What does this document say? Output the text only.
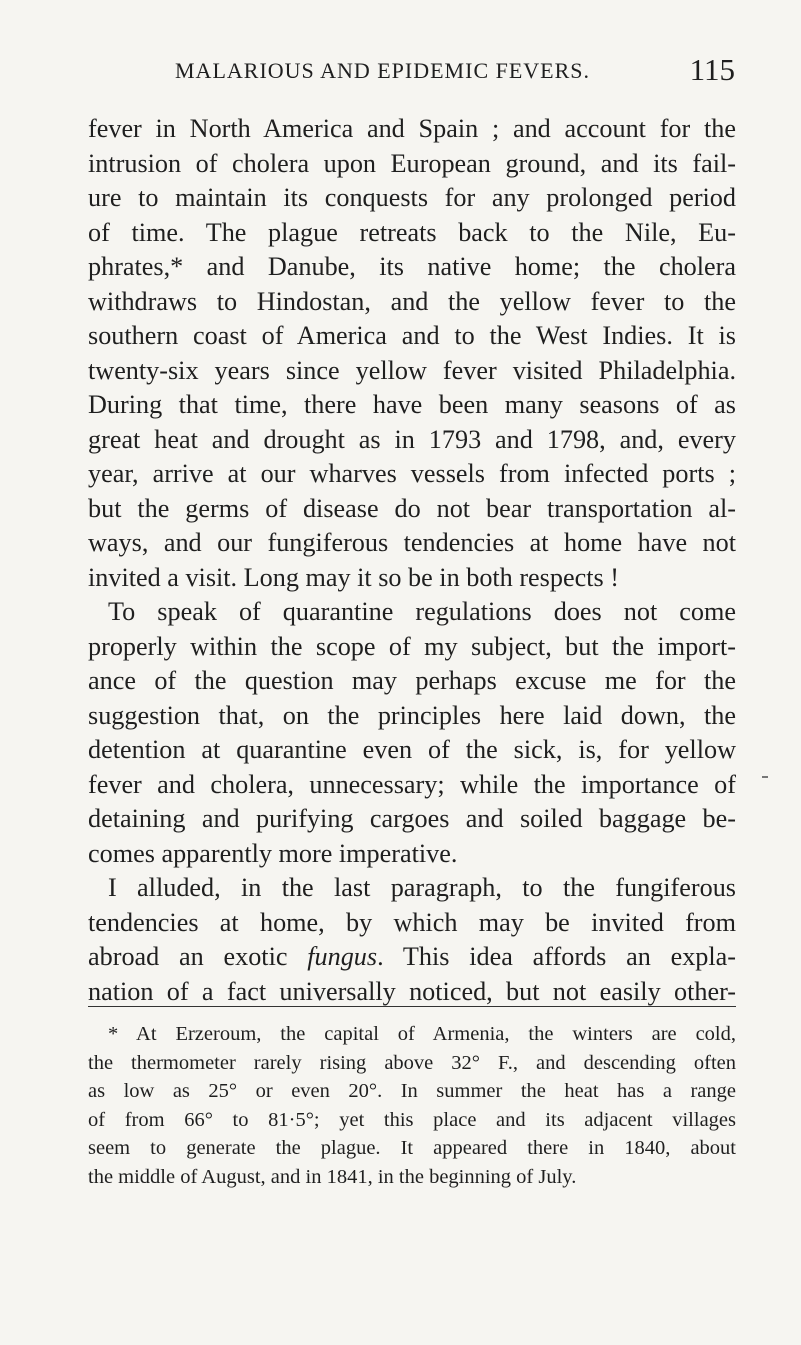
MALARIOUS AND EPIDEMIC FEVERS.	115
fever in North America and Spain ; and account for the
intrusion of cholera upon European ground, and its fail-
ure to maintain its conquests for any prolonged period
of time. The plague retreats back to the Nile, Eu-
phrates,* and Danube, its native home; the cholera
withdraws to Hindostan, and the yellow fever to the
southern coast of America and to the West Indies. It is
twenty-six years since yellow fever visited Philadelphia.
During that time, there have been many seasons of as
great heat and drought as in 1793 and 1798, and, every
year, arrive at our wharves vessels from infected ports ;
but the germs of disease do not bear transportation al-
ways, and our fungiferous tendencies at home have not
invited a visit. Long may it so be in both respects !
To speak of quarantine regulations does not come
properly within the scope of my subject, but the import-
ance of the question may perhaps excuse me for the
suggestion that, on the principles here laid down, the
detention at quarantine even of the sick, is, for yellow
fever and cholera, unnecessary; while the importance of
detaining and purifying cargoes and soiled baggage be-
comes apparently more imperative.
I alluded, in the last paragraph, to the fungiferous
tendencies at home, by which may be invited from
abroad an exotic fungus. This idea affords an expla-
nation of a fact universally noticed, but not easily other-
* At Erzeroum, the capital of Armenia, the winters are cold,
the thermometer rarely rising above 32° F., and descending often
as low as 25° or even 20°. In summer the heat has a range
of from 66° to 81·5°; yet this place and its adjacent villages
seem to generate the plague. It appeared there in 1840, about
the middle of August, and in 1841, in the beginning of July.
